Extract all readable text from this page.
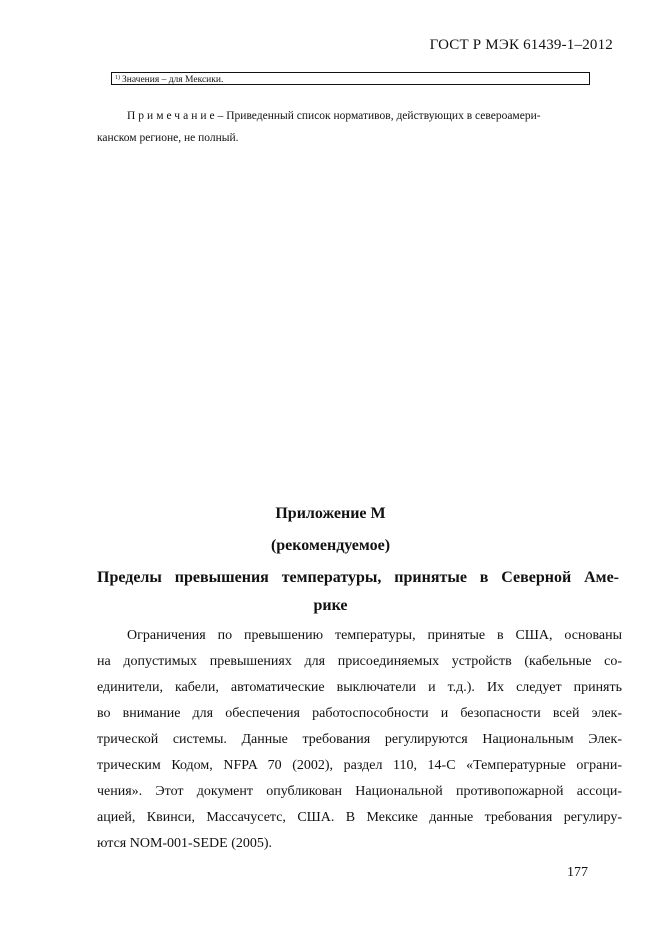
ГОСТ Р МЭК 61439-1–2012
$^{1)}$ Значения – для Мексики.
Примечание– Приведенный список нормативов, действующих в североамери-
канском регионе, не полный.
Приложение М
(рекомендуемое)
Пределы превышения температуры, принятые в Северной Аме-
рике
Ограничения по превышению температуры, принятые в США, основаны
на допустимых превышениях для присоединяемых устройств (кабельные со-
единители, кабели, автоматические выключатели и т.д.). Их следует принять
во внимание для обеспечения работоспособности и безопасности всей элек-
трической системы. Данные требования регулируются Национальным Элек-
трическим Кодом, NFPA 70 (2002), раздел 110, 14-С «Температурные ограни-
чения». Этот документ опубликован Национальной противопожарной ассоци-
ацией, Квинси, Массачусетс, США. В Мексике данные требования регулиру-
ются NOM-001-SEDE (2005).
177
